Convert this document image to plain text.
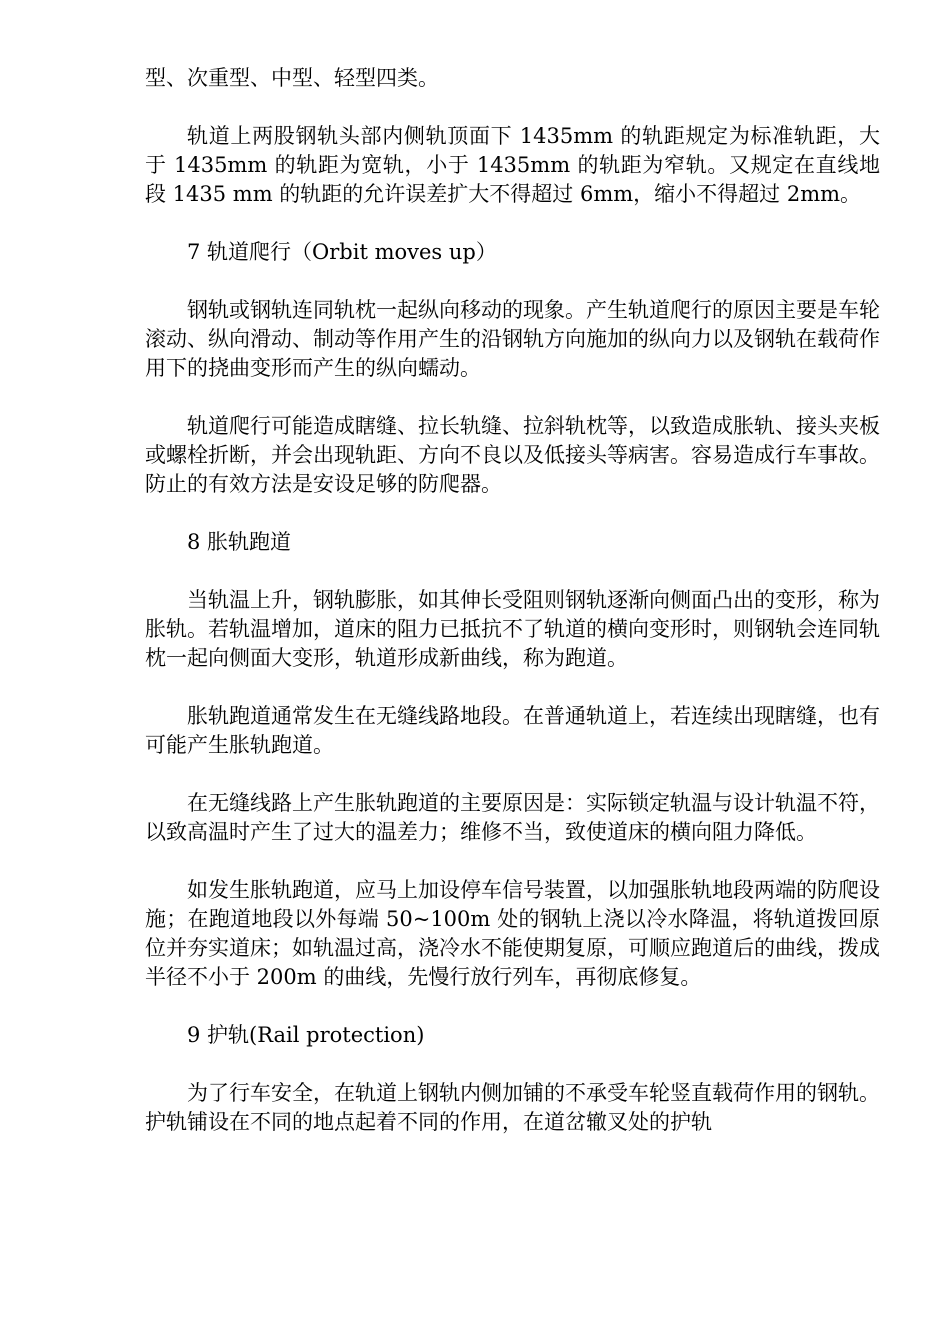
型、次重型、中型、轻型四类。

轨道上两股钢轨头部内侧轨顶面下 1435mm 的轨距规定为标准轨距，大于 1435mm 的轨距为宽轨，小于 1435mm 的轨距为窄轨。又规定在直线地段 1435 mm 的轨距的允许误差扩大不得超过 6mm，缩小不得超过 2mm。

7 轨道爬行（Orbit moves up）

钢轨或钢轨连同轨枕一起纵向移动的现象。产生轨道爬行的原因主要是车轮滚动、纵向滑动、制动等作用产生的沿钢轨方向施加的纵向力以及钢轨在载荷作用下的挠曲变形而产生的纵向蠕动。

轨道爬行可能造成瞎缝、拉长轨缝、拉斜轨枕等，以致造成胀轨、接头夹板或螺栓折断，并会出现轨距、方向不良以及低接头等病害。容易造成行车事故。防止的有效方法是安设足够的防爬器。

8 胀轨跑道

当轨温上升，钢轨膨胀，如其伸长受阻则钢轨逐渐向侧面凸出的变形，称为胀轨。若轨温增加，道床的阻力已抵抗不了轨道的横向变形时，则钢轨会连同轨枕一起向侧面大变形，轨道形成新曲线，称为跑道。

胀轨跑道通常发生在无缝线路地段。在普通轨道上，若连续出现瞎缝，也有可能产生胀轨跑道。

在无缝线路上产生胀轨跑道的主要原因是：实际锁定轨温与设计轨温不符，以致高温时产生了过大的温差力；维修不当，致使道床的横向阻力降低。

如发生胀轨跑道，应马上加设停车信号装置，以加强胀轨地段两端的防爬设施；在跑道地段以外每端 50~100m 处的钢轨上浇以冷水降温，将轨道拨回原位并夯实道床；如轨温过高，浇冷水不能使期复原，可顺应跑道后的曲线，拨成半径不小于 200m 的曲线，先慢行放行列车，再彻底修复。

9 护轨(Rail protection)

为了行车安全，在轨道上钢轨内侧加铺的不承受车轮竖直载荷作用的钢轨。护轨铺设在不同的地点起着不同的作用，在道岔辙叉处的护轨
